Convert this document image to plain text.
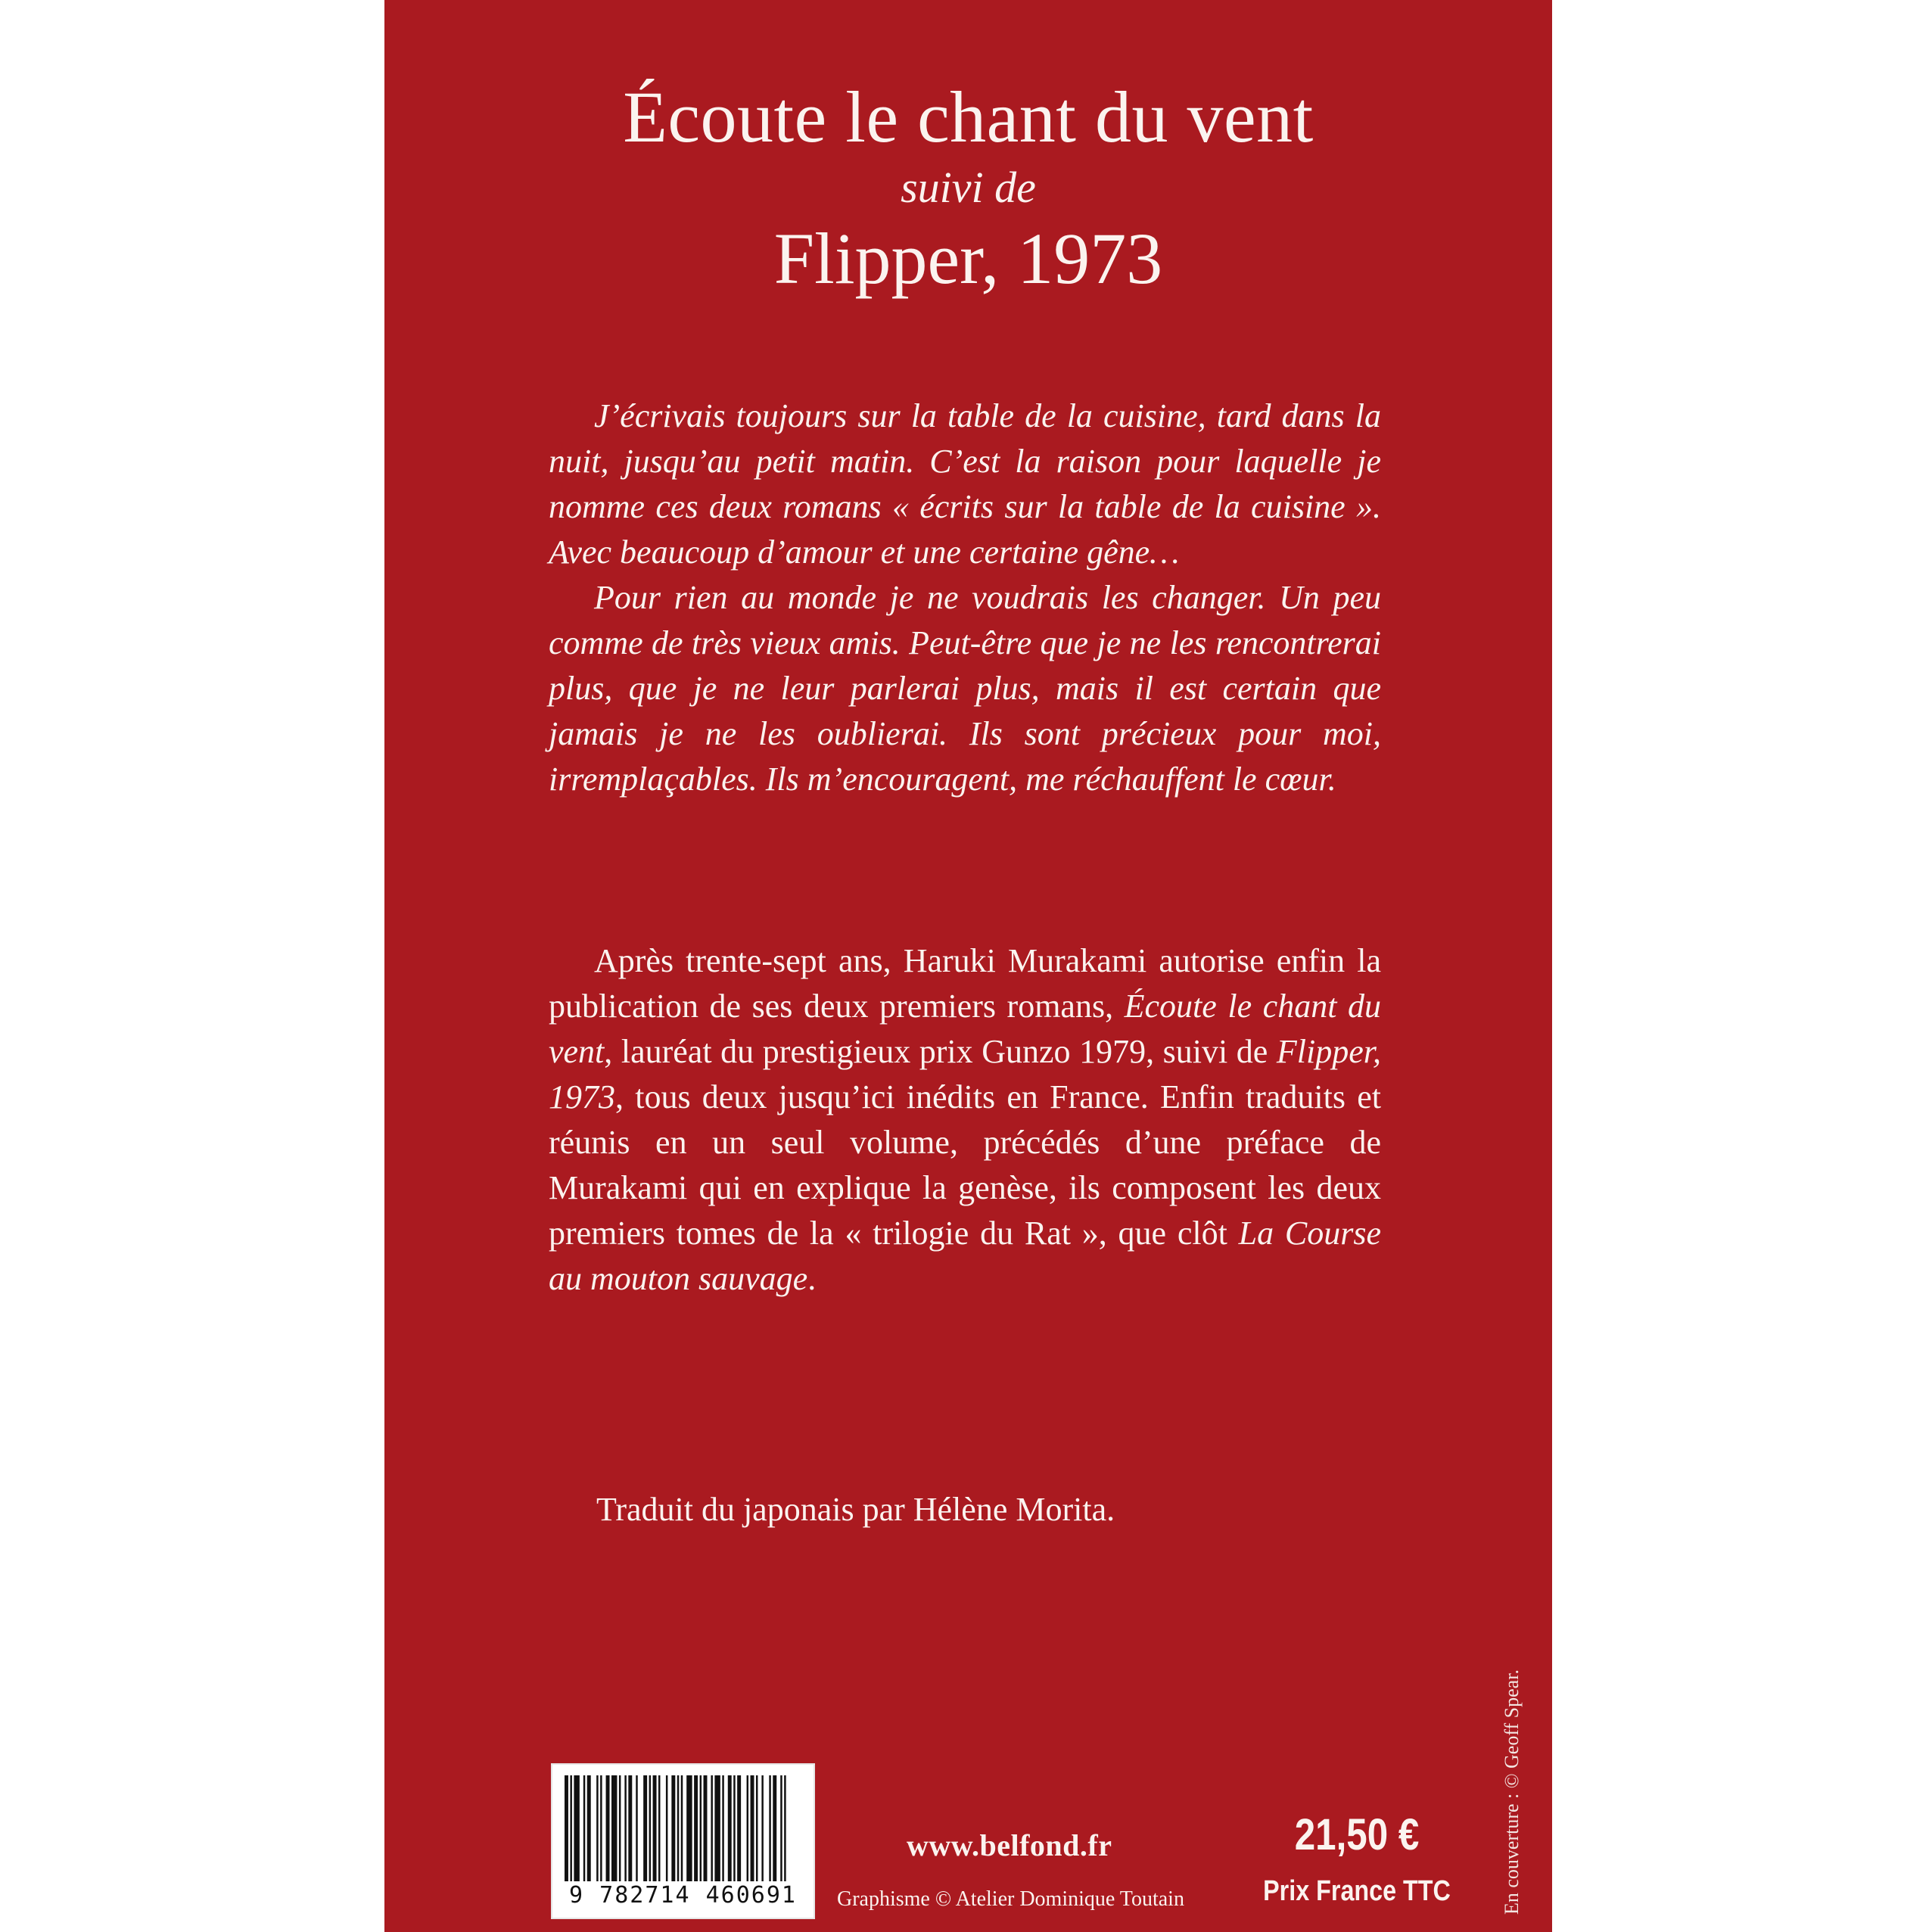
Écoute le chant du vent
suivi de
Flipper, 1973

J’écrivais toujours sur la table de la cuisine, tard dans la nuit, jusqu’au petit matin. C’est la raison pour laquelle je nomme ces deux romans « écrits sur la table de la cuisine ». Avec beaucoup d’amour et une certaine gêne…

Pour rien au monde je ne voudrais les changer. Un peu comme de très vieux amis. Peut-être que je ne les rencontrerai plus, que je ne leur parlerai plus, mais il est certain que jamais je ne les oublierai. Ils sont précieux pour moi, irremplaçables. Ils m’encouragent, me réchauffent le cœur.

Après trente-sept ans, Haruki Murakami autorise enfin la publication de ses deux premiers romans, Écoute le chant du vent, lauréat du prestigieux prix Gunzo 1979, suivi de Flipper, 1973, tous deux jusqu’ici inédits en France. Enfin traduits et réunis en un seul volume, précédés d’une préface de Murakami qui en explique la genèse, ils composent les deux premiers tomes de la « trilogie du Rat », que clôt La Course au mouton sauvage.

Traduit du japonais par Hélène Morita.
En couverture : © Geoff Spear.
9 782714 460691
www.belfond.fr
Graphisme © Atelier Dominique Toutain
21,50 €
Prix France TTC
